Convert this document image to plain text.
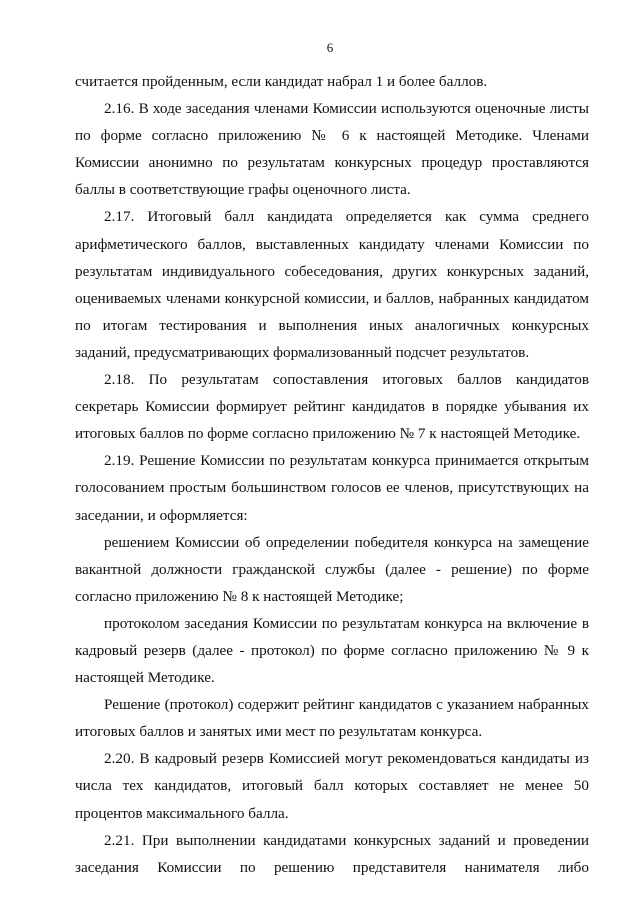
6

считается пройденным, если кандидат набрал 1 и более баллов.

2.16. В ходе заседания членами Комиссии используются оценочные листы по форме согласно приложению № 6 к настоящей Методике. Членами Комиссии анонимно по результатам конкурсных процедур проставляются баллы в соответствующие графы оценочного листа.

2.17. Итоговый балл кандидата определяется как сумма среднего арифметического баллов, выставленных кандидату членами Комиссии по результатам индивидуального собеседования, других конкурсных заданий, оцениваемых членами конкурсной комиссии, и баллов, набранных кандидатом по итогам тестирования и выполнения иных аналогичных конкурсных заданий, предусматривающих формализованный подсчет результатов.

2.18. По результатам сопоставления итоговых баллов кандидатов секретарь Комиссии формирует рейтинг кандидатов в порядке убывания их итоговых баллов по форме согласно приложению № 7 к настоящей Методике.

2.19. Решение Комиссии по результатам конкурса принимается открытым голосованием простым большинством голосов ее членов, присутствующих на заседании, и оформляется:

решением Комиссии об определении победителя конкурса на замещение вакантной должности гражданской службы (далее - решение) по форме согласно приложению № 8 к настоящей Методике;

протоколом заседания Комиссии по результатам конкурса на включение в кадровый резерв (далее - протокол) по форме согласно приложению № 9 к настоящей Методике.

Решение (протокол) содержит рейтинг кандидатов с указанием набранных итоговых баллов и занятых ими мест по результатам конкурса.

2.20. В кадровый резерв Комиссией могут рекомендоваться кандидаты из числа тех кандидатов, итоговый балл которых составляет не менее 50 процентов максимального балла.

2.21. При выполнении кандидатами конкурсных заданий и проведении заседания Комиссии по решению представителя нанимателя либо
